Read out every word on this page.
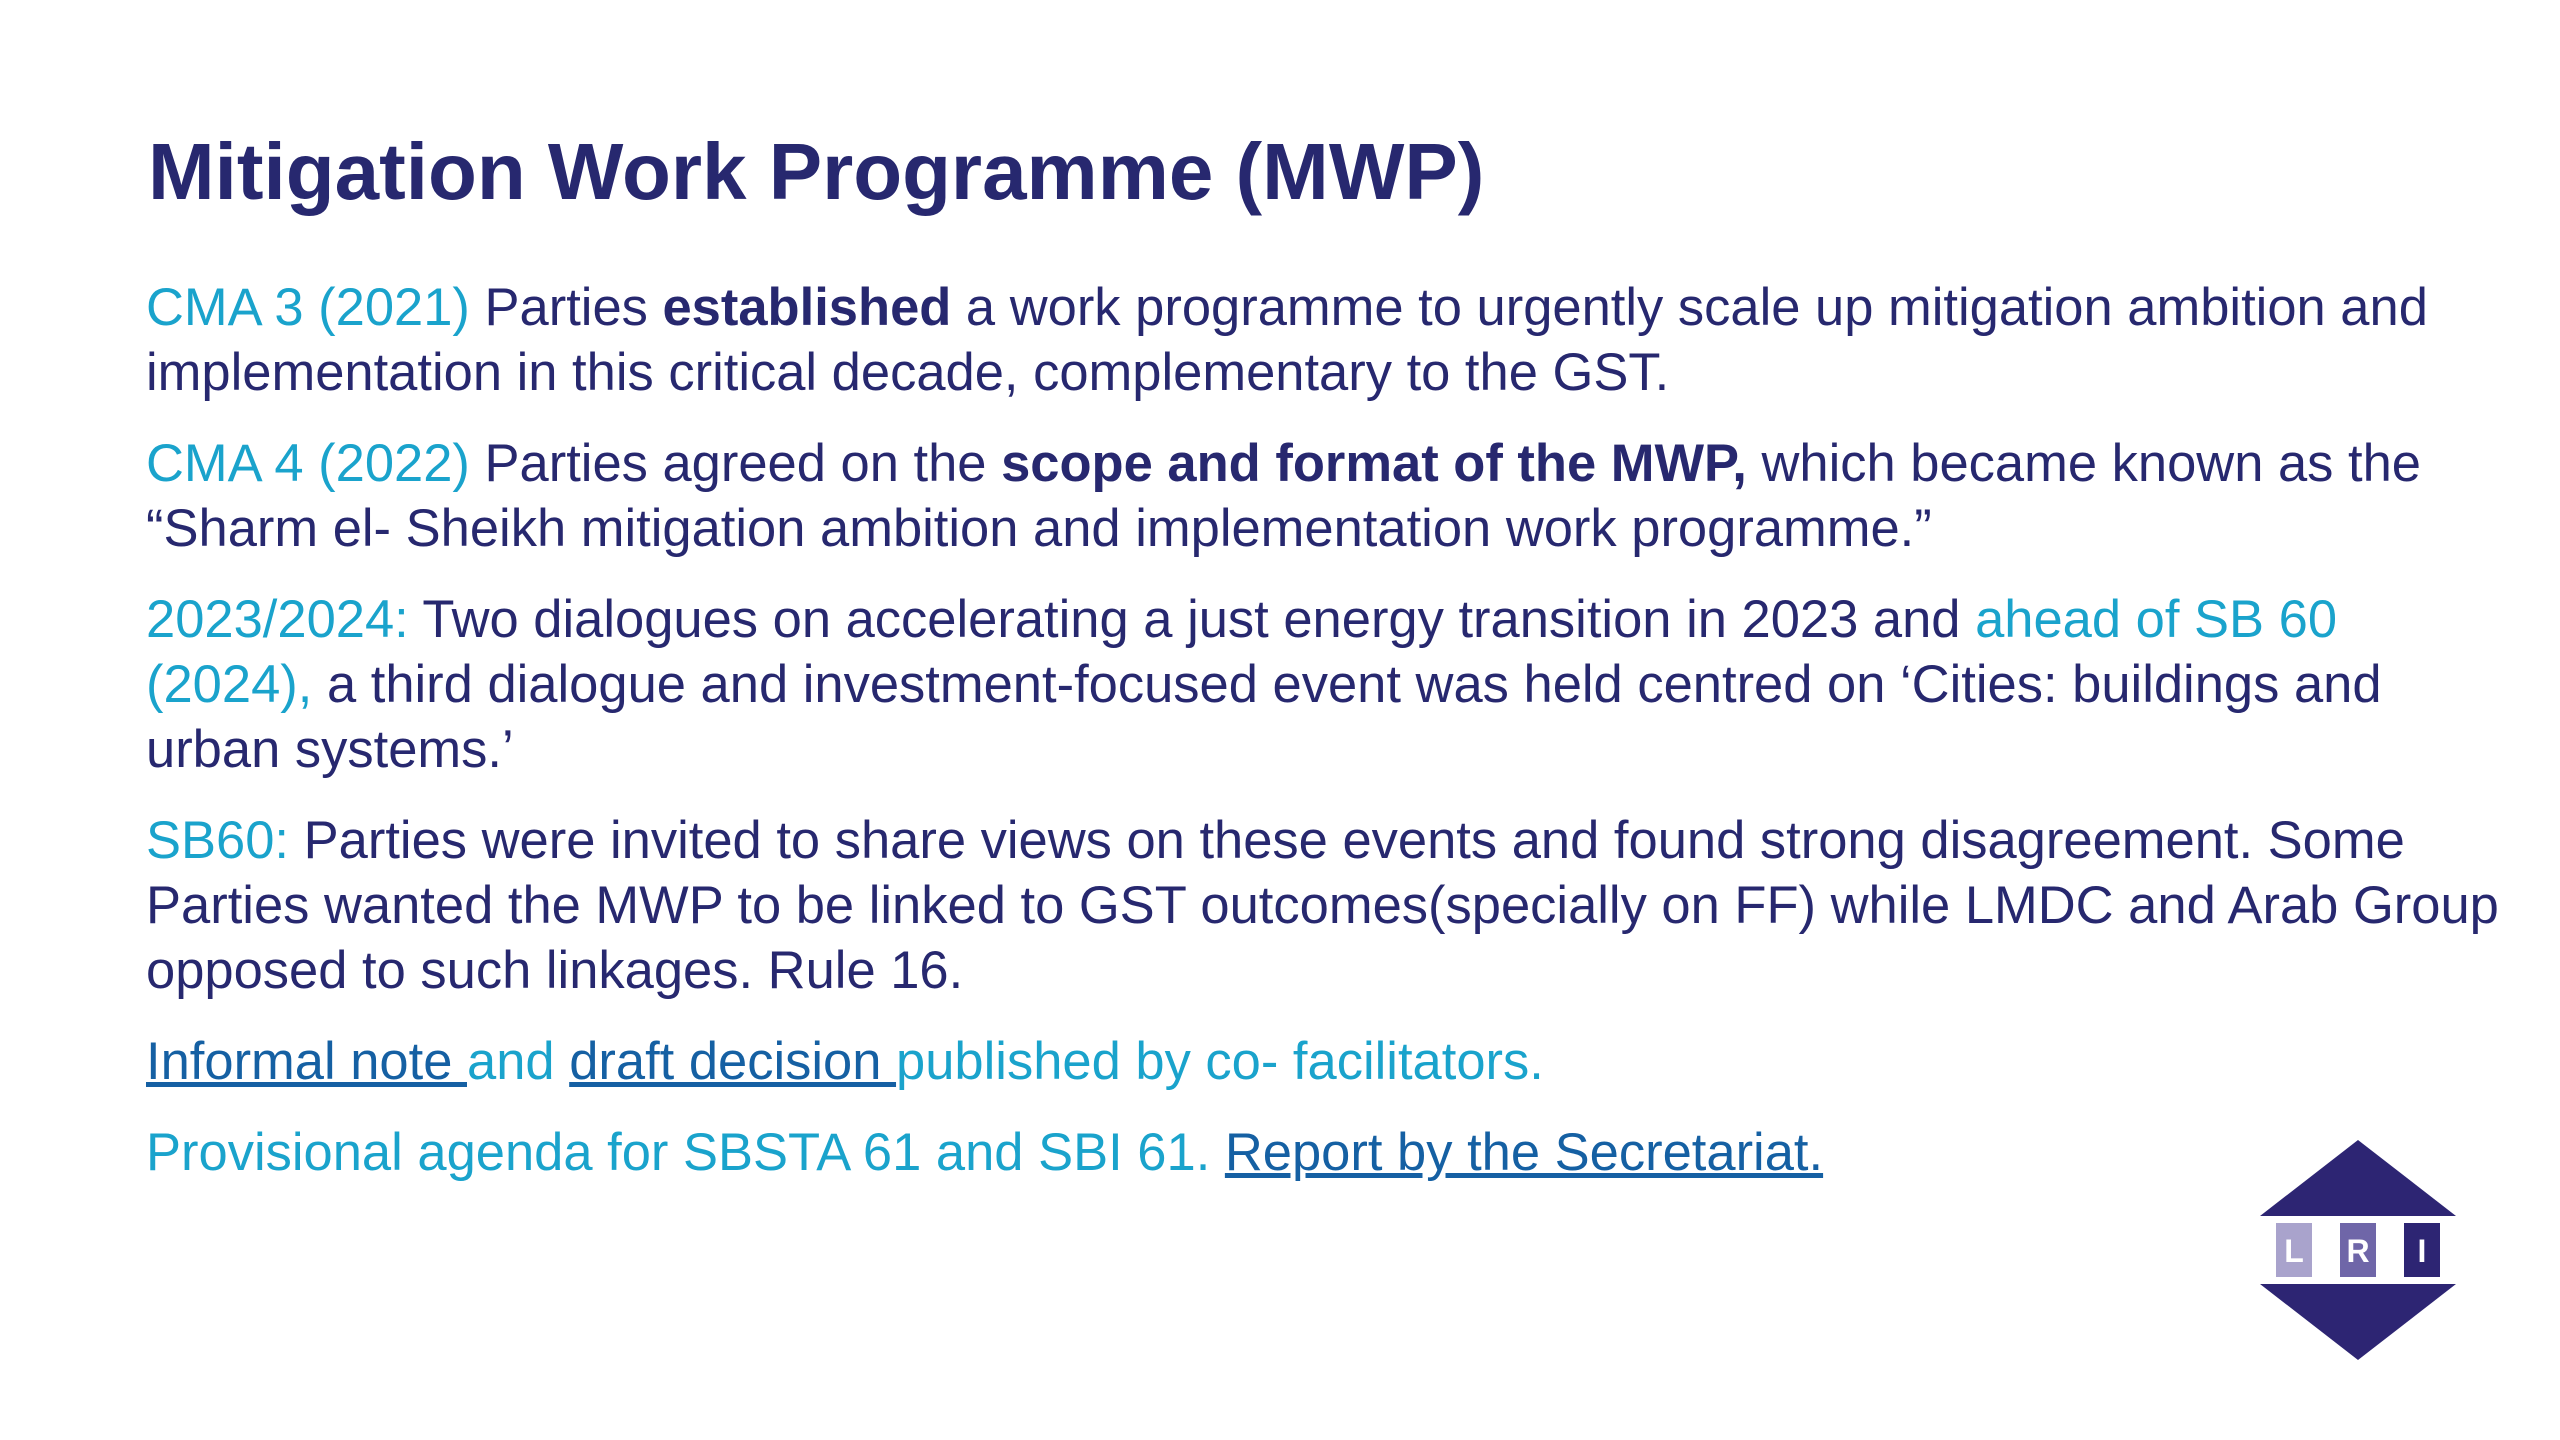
Mitigation Work Programme (MWP)

CMA 3 (2021) Parties established a work programme to urgently scale up mitigation ambition and implementation in this critical decade, complementary to the GST.

CMA 4 (2022) Parties agreed on the scope and format of the MWP, which became known as the “Sharm el- Sheikh mitigation ambition and implementation work programme.”

2023/2024: Two dialogues on accelerating a just energy transition in 2023 and ahead of SB 60 (2024), a third dialogue and investment-focused event was held centred on ‘Cities: buildings and urban systems.’

SB60: Parties were invited to share views on these events and found strong disagreement. Some Parties wanted the MWP to be linked to GST outcomes(specially on FF) while LMDC and Arab Group opposed to such linkages. Rule 16.

Informal note and draft decision published by co- facilitators.

Provisional agenda for SBSTA 61 and SBI 61. Report by the Secretariat.

L R I
